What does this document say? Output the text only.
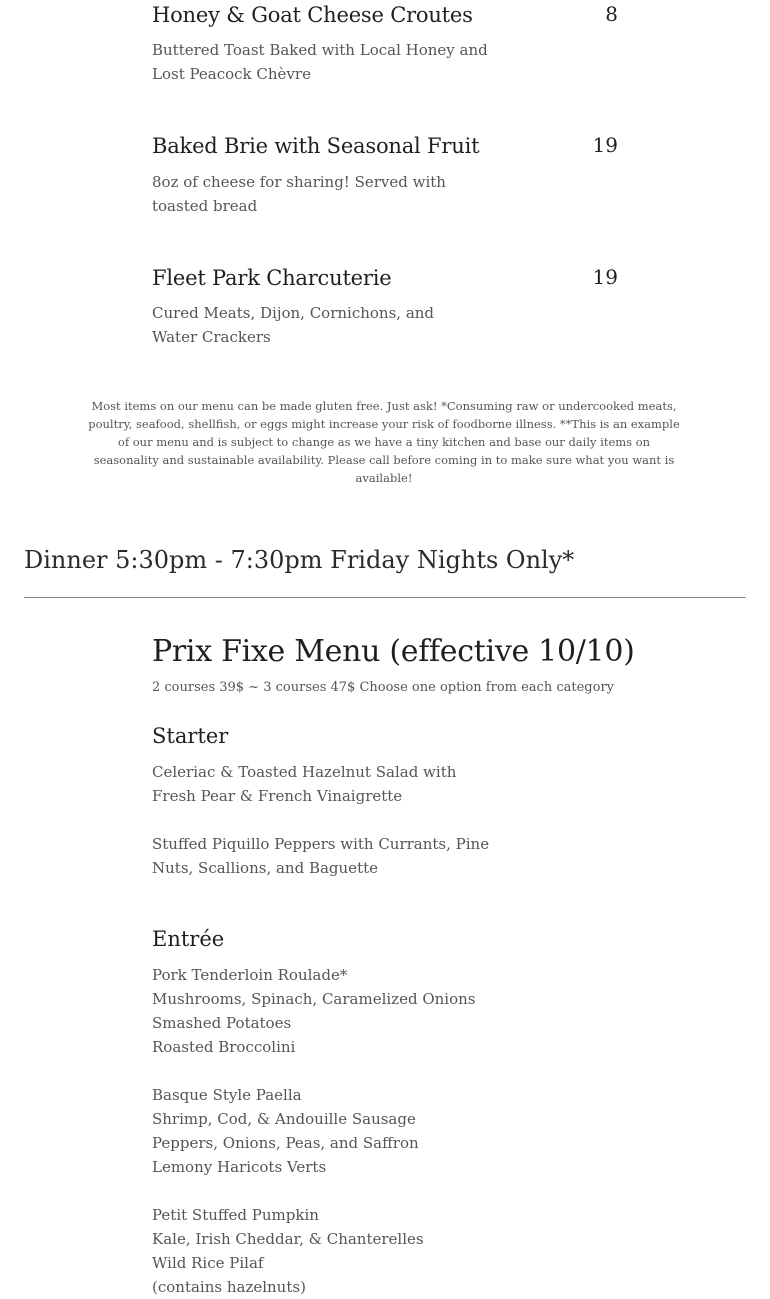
Honey & Goat Cheese Croutes	8
Buttered Toast Baked with Local Honey and Lost Peacock Chèvre
Baked Brie with Seasonal Fruit	19
8oz of cheese for sharing! Served with toasted bread
Fleet Park Charcuterie	19
Cured Meats, Dijon, Cornichons, and Water Crackers
Most items on our menu can be made gluten free. Just ask! *Consuming raw or undercooked meats, poultry, seafood, shellfish, or eggs might increase your risk of foodborne illness. **This is an example of our menu and is subject to change as we have a tiny kitchen and base our daily items on seasonality and sustainable availability. Please call before coming in to make sure what you want is available!
Dinner 5:30pm - 7:30pm Friday Nights Only*
Prix Fixe Menu (effective 10/10)
2 courses 39$ ~ 3 courses 47$ Choose one option from each category
Starter
Celeriac & Toasted Hazelnut Salad with Fresh Pear & French Vinaigrette
Stuffed Piquillo Peppers with Currants, Pine Nuts, Scallions, and Baguette
Entrée
Pork Tenderloin Roulade*
Mushrooms, Spinach, Caramelized Onions
Smashed Potatoes
Roasted Broccolini
Basque Style Paella
Shrimp, Cod, & Andouille Sausage
Peppers, Onions, Peas, and Saffron
Lemony Haricots Verts
Petit Stuffed Pumpkin
Kale, Irish Cheddar, & Chanterelles
Wild Rice Pilaf
(contains hazelnuts)
